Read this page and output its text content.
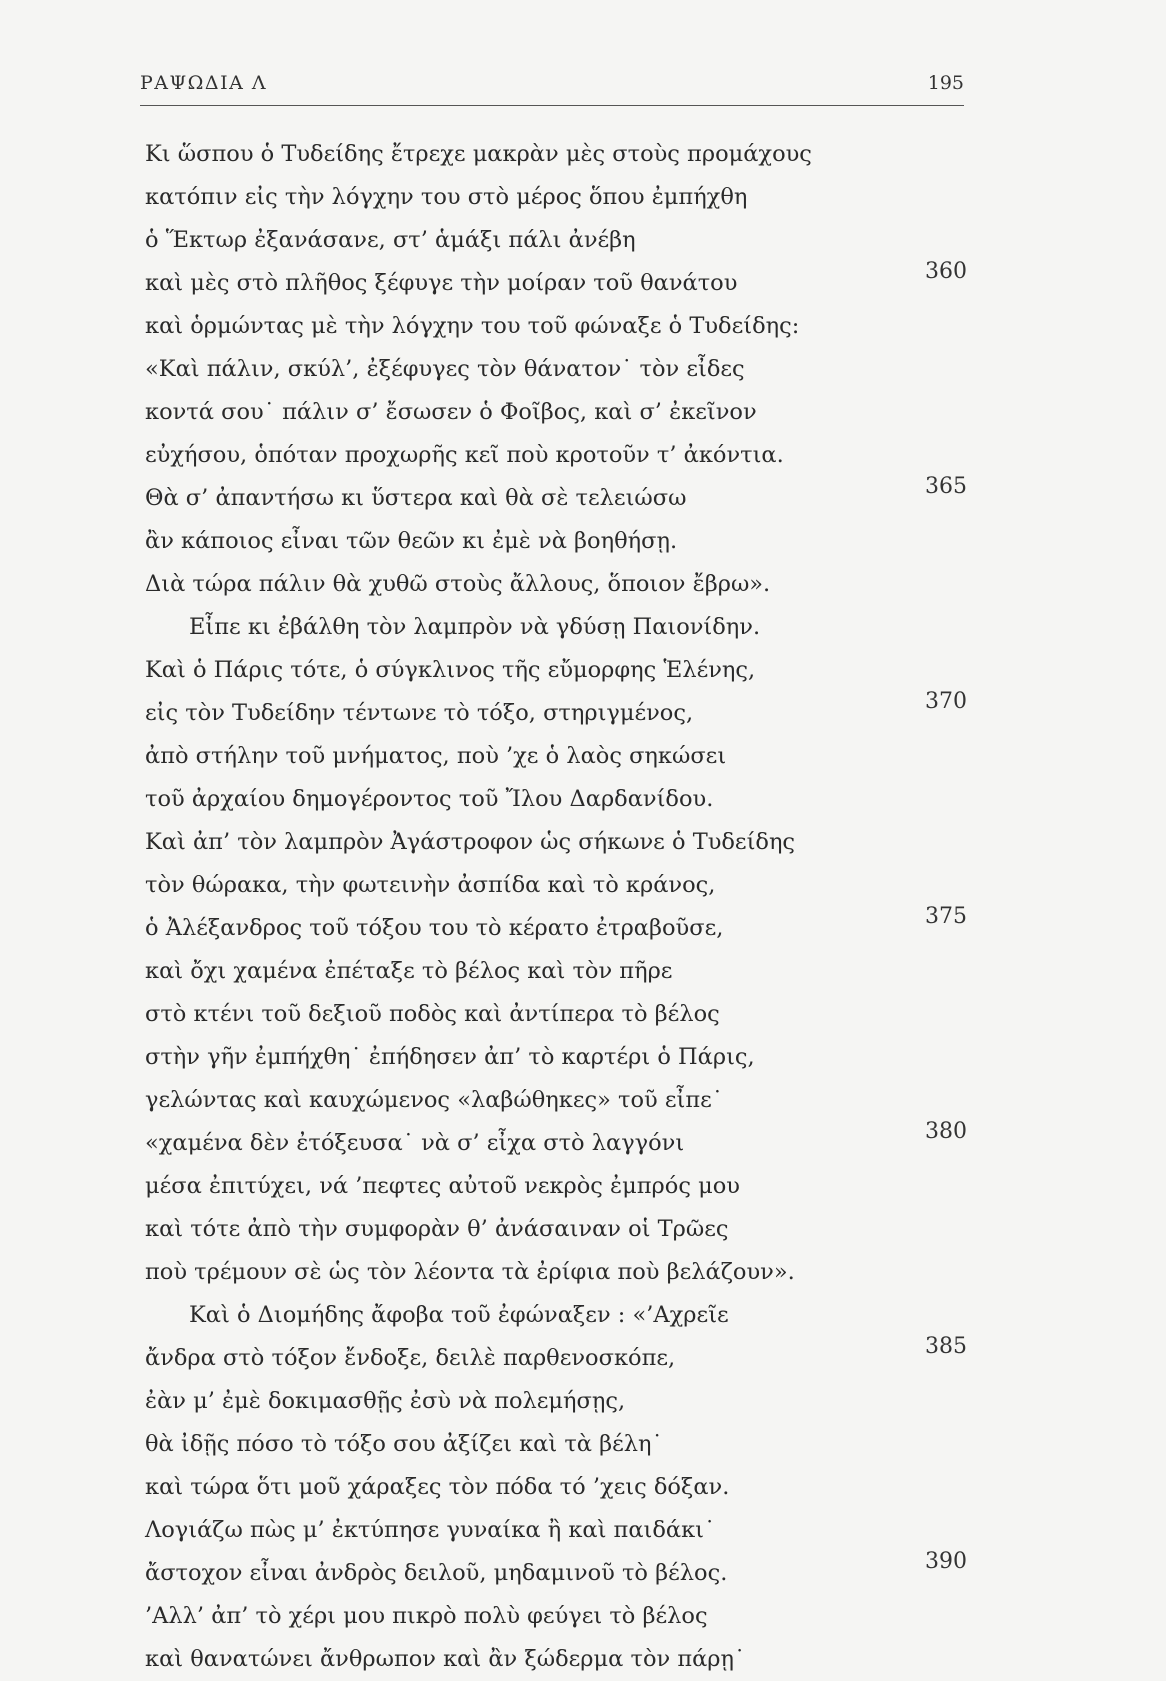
ΡΑΨΩΔΙΑ Λ	195
Κι ὥσπου ὁ Τυδείδης ἔτρεχε μακρὰν μὲς στοὺς προμάχους
κατόπιν εἰς τὴν λόγχην του στὸ μέρος ὅπου ἐμπήχθη
ὁ Ἕκτωρ ἐξανάσανε, στ’ ἁμάξι πάλι ἀνέβη
καὶ μὲς στὸ πλῆθος ξέφυγε τὴν μοίραν τοῦ θανάτου	360
καὶ ὁρμώντας μὲ τὴν λόγχην του τοῦ φώναξε ὁ Τυδείδης:
«Καὶ πάλιν, σκύλ’, ἐξέφυγες τὸν θάνατον˙ τὸν εἶδες
κοντά σου˙ πάλιν σ’ ἔσωσεν ὁ Φοῖβος, καὶ σ’ ἐκεῖνον
εὐχήσου, ὁπόταν προχωρῆς κεῖ ποὺ κροτοῦν τ’ ἀκόντια.
Θὰ σ’ ἀπαντήσω κι ὕστερα καὶ θὰ σὲ τελειώσω	365
ἂν κάποιος εἶναι τῶν θεῶν κι ἐμὲ νὰ βοηθήσῃ.
Διὰ τώρα πάλιν θὰ χυθῶ στοὺς ἄλλους, ὅποιον ἔβρω».
Εἶπε κι ἐβάλθη τὸν λαμπρὸν νὰ γδύσῃ Παιονίδην.
Καὶ ὁ Πάρις τότε, ὁ σύγκλινος τῆς εὔμορφης Ἑλένης,
εἰς τὸν Τυδείδην τέντωνε τὸ τόξο, στηριγμένος,	370
ἀπὸ στήλην τοῦ μνήματος, ποὺ ’χε ὁ λαὸς σηκώσει
τοῦ ἀρχαίου δημογέροντος τοῦ Ἴλου Δαρδανίδου.
Καὶ ἀπ’ τὸν λαμπρὸν Ἀγάστροφον ὡς σήκωνε ὁ Τυδείδης
τὸν θώρακα, τὴν φωτεινὴν ἀσπίδα καὶ τὸ κράνος,
ὁ Ἀλέξανδρος τοῦ τόξου του τὸ κέρατο ἐτραβοῦσε,	375
καὶ ὄχι χαμένα ἐπέταξε τὸ βέλος καὶ τὸν πῆρε
στὸ κτένι τοῦ δεξιοῦ ποδὸς καὶ ἀντίπερα τὸ βέλος
στὴν γῆν ἐμπήχθη˙ ἐπήδησεν ἀπ’ τὸ καρτέρι ὁ Πάρις,
γελώντας καὶ καυχώμενος «λαβώθηκες» τοῦ εἶπε˙
«χαμένα δὲν ἐτόξευσα˙ νὰ σ’ εἶχα στὸ λαγγόνι	380
μέσα ἐπιτύχει, νά ’πεφτες αὐτοῦ νεκρὸς ἐμπρός μου
καὶ τότε ἀπὸ τὴν συμφορὰν θ’ ἀνάσαιναν οἱ Τρῶες
ποὺ τρέμουν σὲ ὡς τὸν λέοντα τὰ ἐρίφια ποὺ βελάζουν».
Καὶ ὁ Διομήδης ἄφοβα τοῦ ἐφώναξεν : «’Αχρεῖε
ἄνδρα στὸ τόξον ἔνδοξε, δειλὲ παρθενοσκόπε,	385
ἐὰν μ’ ἐμὲ δοκιμασθῇς ἐσὺ νὰ πολεμήσῃς,
θὰ ἰδῇς πόσο τὸ τόξο σου ἀξίζει καὶ τὰ βέλη˙
καὶ τώρα ὅτι μοῦ χάραξες τὸν πόδα τό ’χεις δόξαν.
Λογιάζω πὼς μ’ ἐκτύπησε γυναίκα ἢ καὶ παιδάκι˙
ἄστοχον εἶναι ἀνδρὸς δειλοῦ, μηδαμινοῦ τὸ βέλος.	390
’Αλλ’ ἀπ’ τὸ χέρι μου πικρὸ πολὺ φεύγει τὸ βέλος
καὶ θανατώνει ἄνθρωπον καὶ ἂν ξώδερμα τὸν πάρῃ˙
